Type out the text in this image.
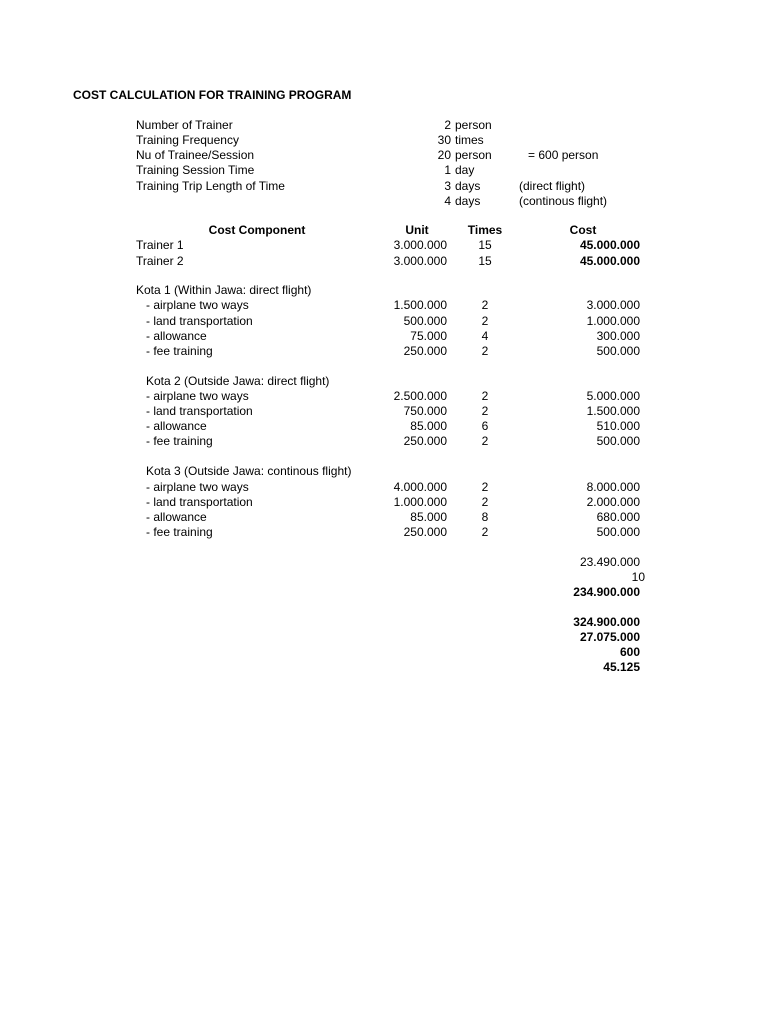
COST CALCULATION FOR TRAINING PROGRAM
Number of Trainer	2 person
Training Frequency	30 times
Nu of Trainee/Session	20 person	= 600 person
Training Session Time	1 day
Training Trip Length of Time	3 days	(direct flight)
4 days	(continous flight)
Cost Component	Unit	Times	Cost
Trainer 1	3.000.000	15	45.000.000
Trainer 2	3.000.000	15	45.000.000
Kota 1 (Within Jawa: direct flight)
- airplane two ways	1.500.000	2	3.000.000
- land transportation	500.000	2	1.000.000
- allowance	75.000	4	300.000
- fee training	250.000	2	500.000
Kota 2 (Outside Jawa: direct flight)
- airplane two ways	2.500.000	2	5.000.000
- land transportation	750.000	2	1.500.000
- allowance	85.000	6	510.000
- fee training	250.000	2	500.000
Kota 3 (Outside Jawa: continous flight)
- airplane two ways	4.000.000	2	8.000.000
- land transportation	1.000.000	2	2.000.000
- allowance	85.000	8	680.000
- fee training	250.000	2	500.000
23.490.000
10
234.900.000
324.900.000
27.075.000
600
45.125
